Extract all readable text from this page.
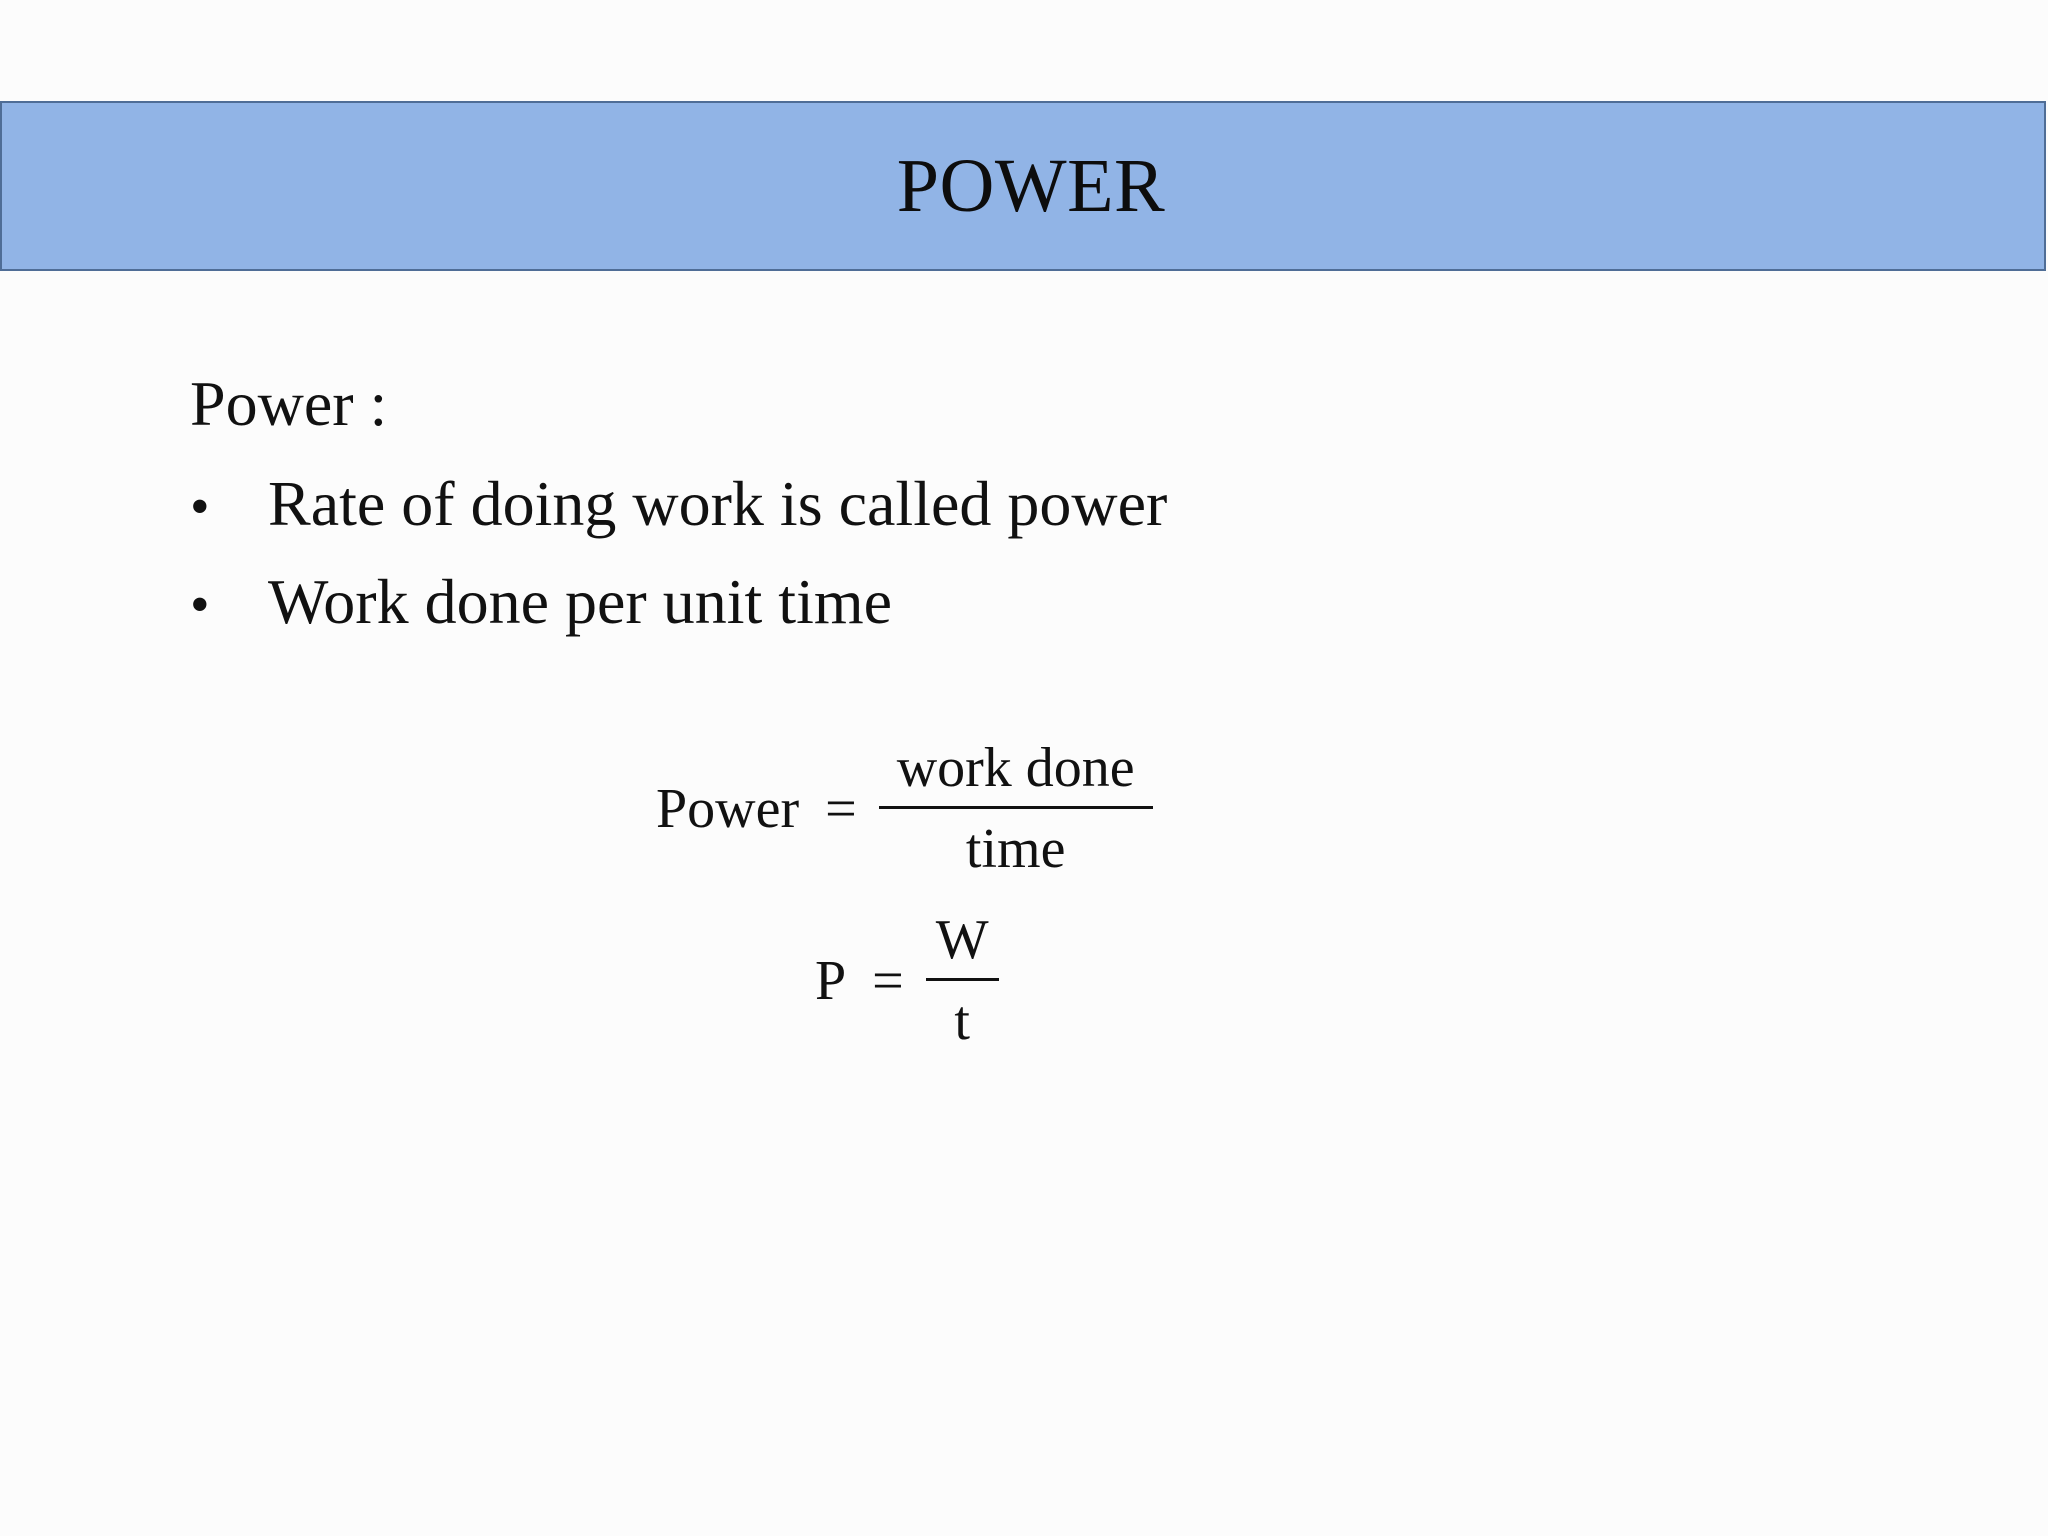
POWER
Power :
• Rate of doing work is called power
• Work done per unit time
Power = $\frac{\text{work done}}{\text{time}}$
$P = \frac{W}{t}$
